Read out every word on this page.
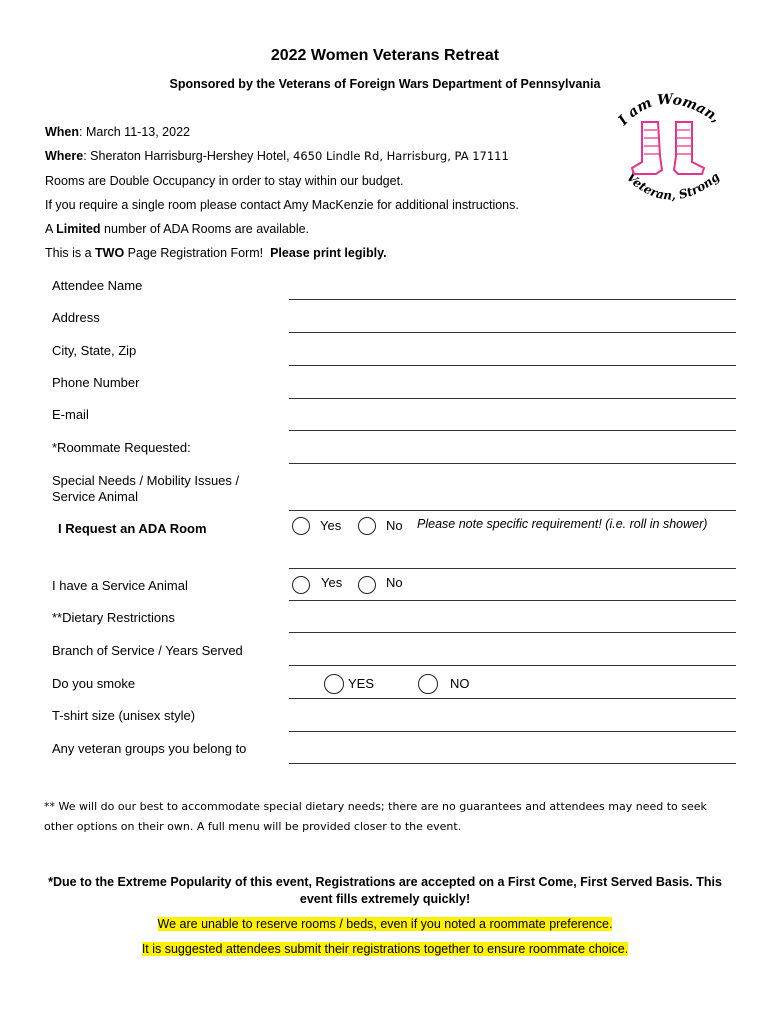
2022 Women Veterans Retreat
Sponsored by the Veterans of Foreign Wars Department of Pennsylvania
I am Woman,
Veteran, Strong
When: March 11-13, 2022
Where: Sheraton Harrisburg-Hershey Hotel, 4650 Lindle Rd, Harrisburg, PA 17111
Rooms are Double Occupancy in order to stay within our budget.
If you require a single room please contact Amy MacKenzie for additional instructions.
A Limited number of ADA Rooms are available.
This is a TWO Page Registration Form!  Please print legibly.
Attendee Name
Address
City, State, Zip
Phone Number
E-mail
*Roommate Requested:
Special Needs / Mobility Issues /
Service Animal
I Request an ADA Room	Yes	No Please note specific requirement! (i.e. roll in shower)
I have a Service Animal	Yes	No
**Dietary Restrictions
Branch of Service / Years Served
Do you smoke	YES	NO
T-shirt size (unisex style)
Any veteran groups you belong to
** We will do our best to accommodate special dietary needs; there are no guarantees and attendees may need to seek other options on their own. A full menu will be provided closer to the event.
*Due to the Extreme Popularity of this event, Registrations are accepted on a First Come, First Served Basis. This event fills extremely quickly!
We are unable to reserve rooms / beds, even if you noted a roommate preference.
It is suggested attendees submit their registrations together to ensure roommate choice.
